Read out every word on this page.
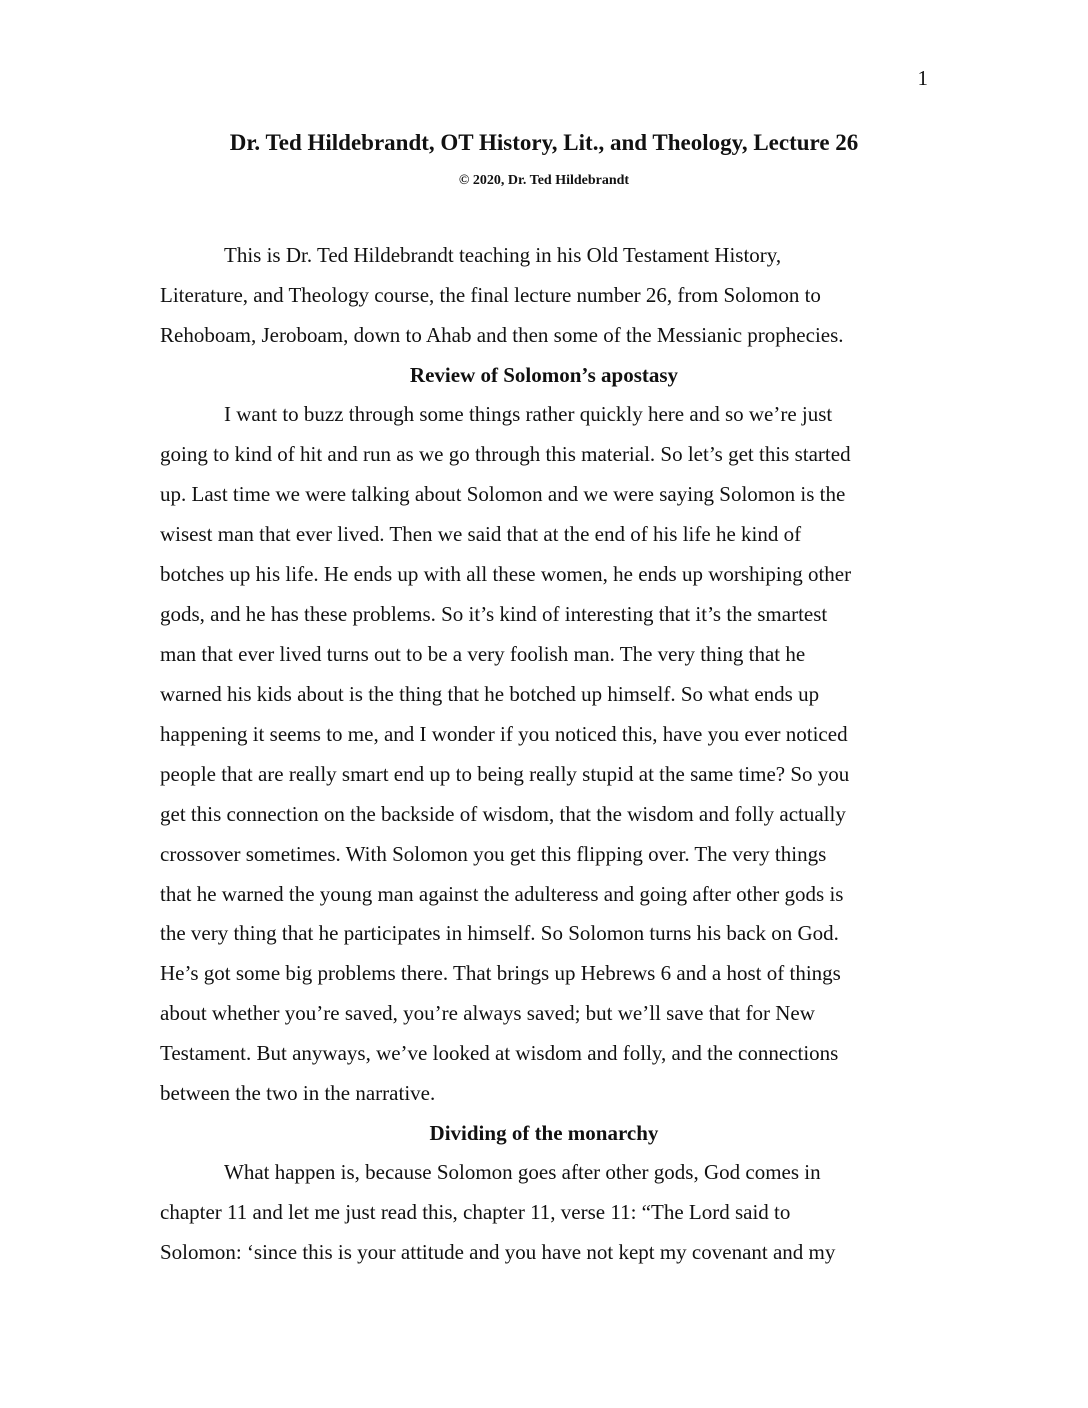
1
Dr. Ted Hildebrandt, OT History, Lit., and Theology, Lecture 26
© 2020, Dr. Ted Hildebrandt
This is Dr. Ted Hildebrandt teaching in his Old Testament History,
Literature, and Theology course, the final lecture number 26, from Solomon to
Rehoboam, Jeroboam, down to Ahab and then some of the Messianic prophecies.
Review of Solomon’s apostasy
I want to buzz through some things rather quickly here and so we’re just
going to kind of hit and run as we go through this material. So let’s get this started
up. Last time we were talking about Solomon and we were saying Solomon is the
wisest man that ever lived. Then we said that at the end of his life he kind of
botches up his life. He ends up with all these women, he ends up worshiping other
gods, and he has these problems. So it’s kind of interesting that it’s the smartest
man that ever lived turns out to be a very foolish man. The very thing that he
warned his kids about is the thing that he botched up himself. So what ends up
happening it seems to me, and I wonder if you noticed this, have you ever noticed
people that are really smart end up to being really stupid at the same time? So you
get this connection on the backside of wisdom, that the wisdom and folly actually
crossover sometimes. With Solomon you get this flipping over. The very things
that he warned the young man against the adulteress and going after other gods is
the very thing that he participates in himself. So Solomon turns his back on God.
He’s got some big problems there. That brings up Hebrews 6 and a host of things
about whether you’re saved, you’re always saved; but we’ll save that for New
Testament. But anyways, we’ve looked at wisdom and folly, and the connections
between the two in the narrative.
Dividing of the monarchy
What happen is, because Solomon goes after other gods, God comes in
chapter 11 and let me just read this, chapter 11, verse 11: “The Lord said to
Solomon: ‘since this is your attitude and you have not kept my covenant and my
